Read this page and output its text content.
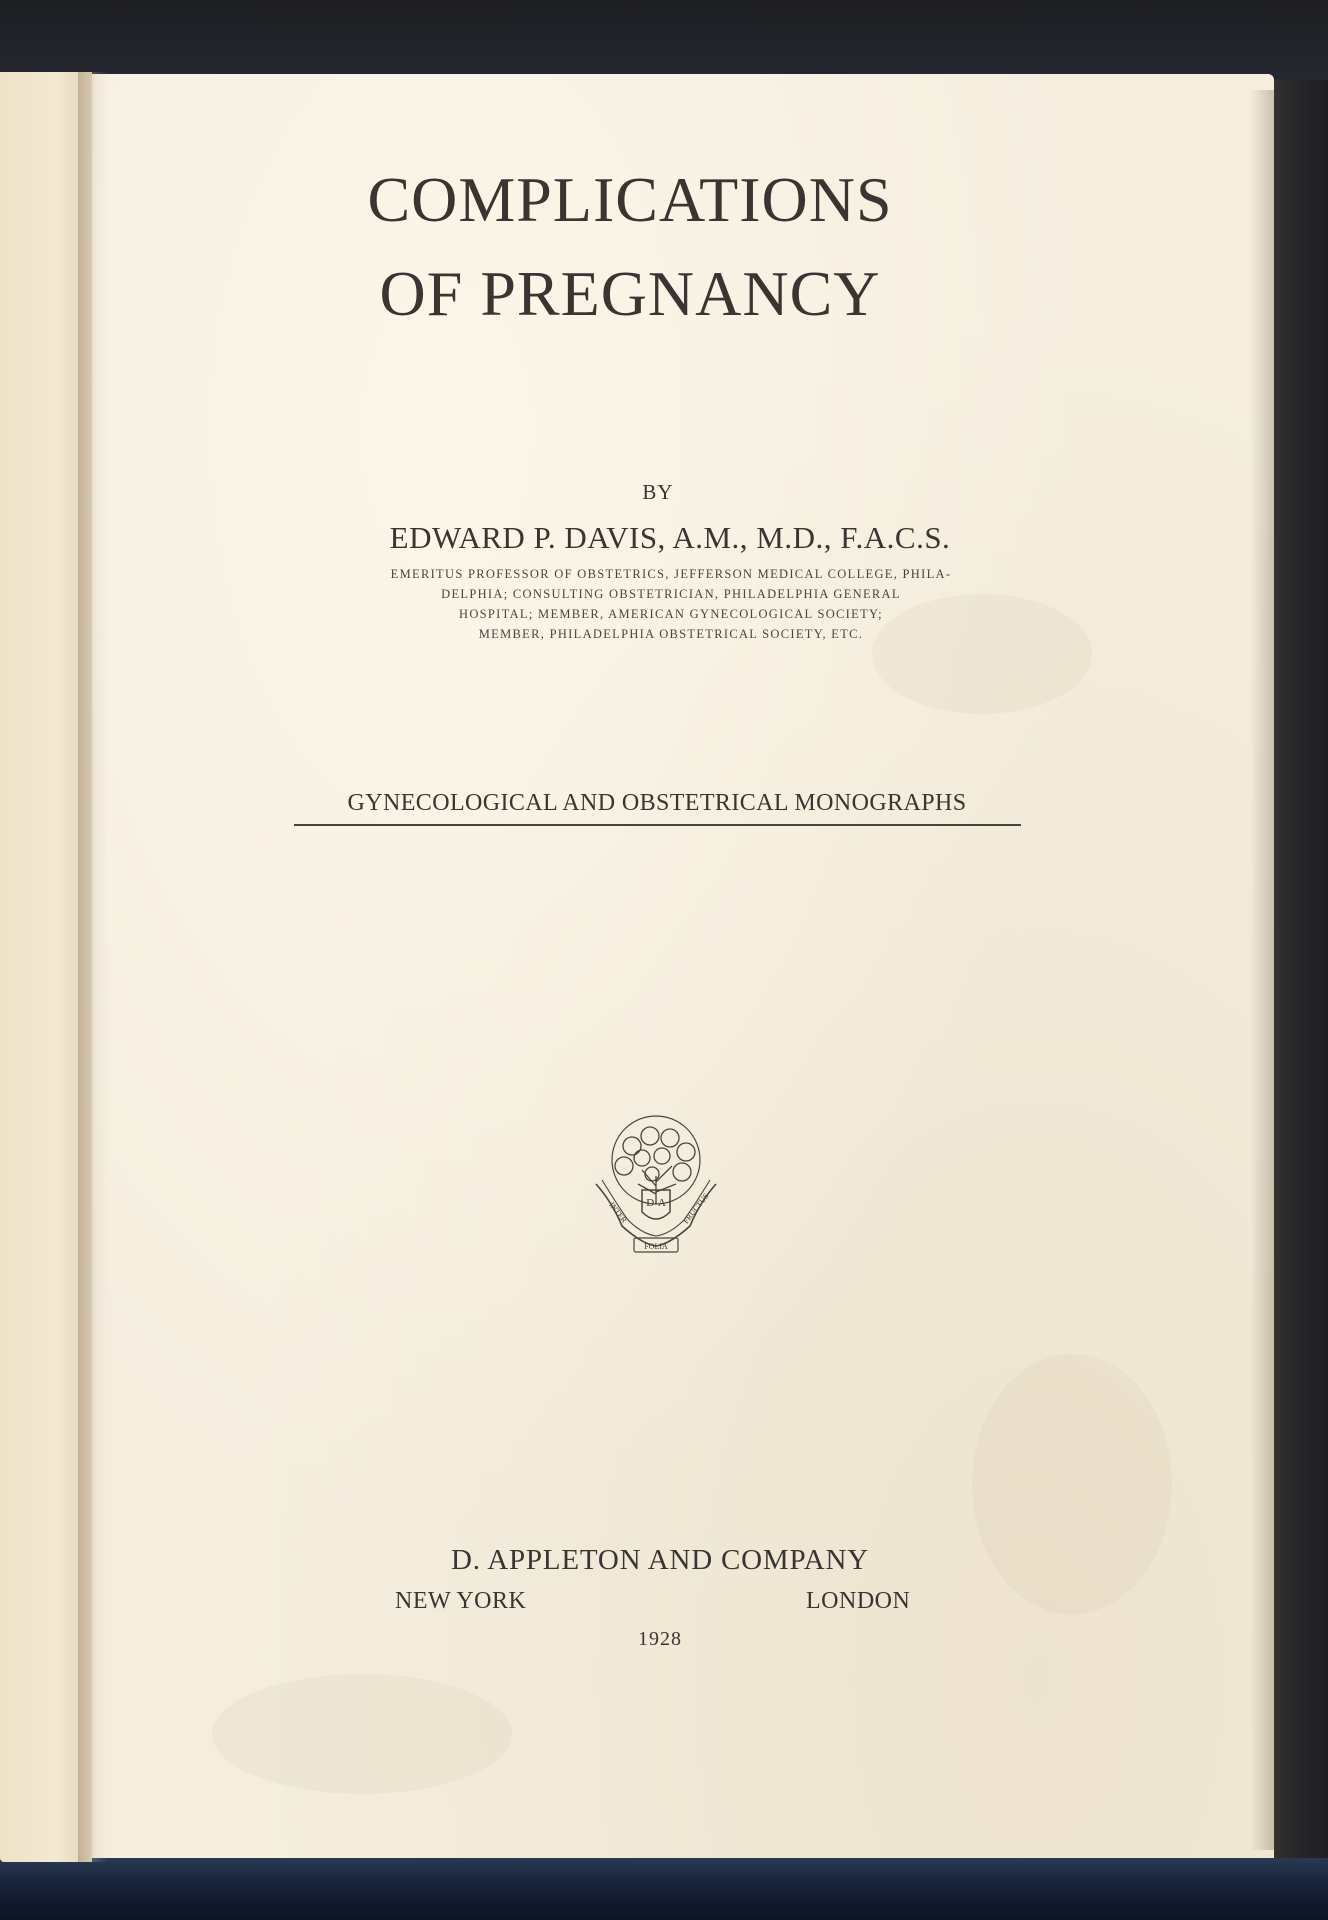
COMPLICATIONS
OF PREGNANCY
BY
EDWARD P. DAVIS, A.M., M.D., F.A.C.S.
EMERITUS PROFESSOR OF OBSTETRICS, JEFFERSON MEDICAL COLLEGE, PHILA-
DELPHIA; CONSULTING OBSTETRICIAN, PHILADELPHIA GENERAL
HOSPITAL; MEMBER, AMERICAN GYNECOLOGICAL SOCIETY;
MEMBER, PHILADELPHIA OBSTETRICAL SOCIETY, ETC.
GYNECOLOGICAL AND OBSTETRICAL MONOGRAPHS
D·A
INTER
FOLIA
FRUCTUS
D. APPLETON AND COMPANY
NEW YORK	LONDON
1928
